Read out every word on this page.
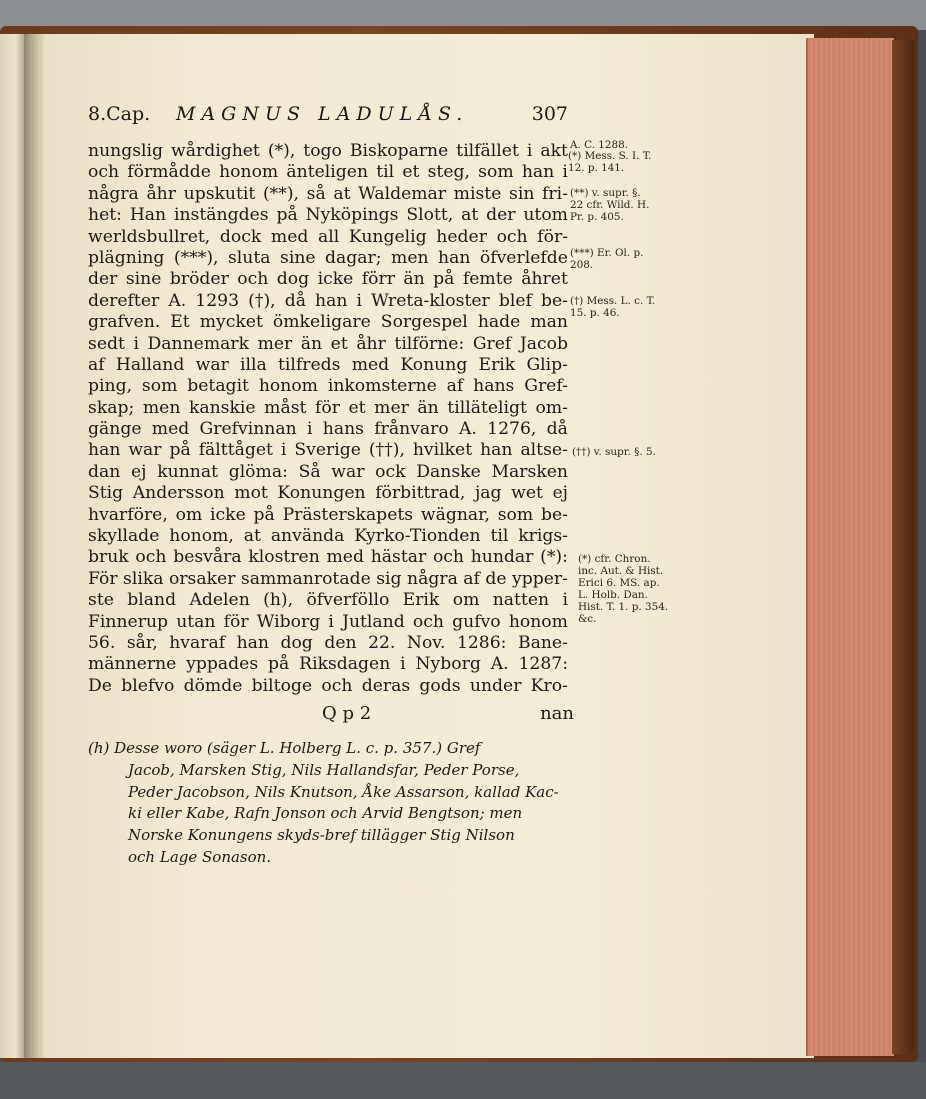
8.Cap. MAGNUS LADULÅS.	307
nungslig wårdighet (*), togo Biskoparne tilfället i akt
och förmådde honom änteligen til et steg, som han i
några åhr upskutit (**), så at Waldemar miste sin fri-
het: Han instängdes på Nyköpings Slott, at der utom
werldsbullret, dock med all Kungelig heder och för-
plägning (***), sluta sine dagar; men han öfverlefde
der sine bröder och dog icke förr än på femte åhret
derefter A. 1293 (†), då han i Wreta-kloster blef be-
grafven. Et mycket ömkeligare Sorgespel hade man
sedt i Dannemark mer än et åhr tilförne: Gref Jacob
af Halland war illa tilfreds med Konung Erik Glip-
ping, som betagit honom inkomsterne af hans Gref-
skap; men kanskie måst för et mer än tilläteligt om-
gänge med Grefvinnan i hans frånvaro A. 1276, då
han war på fälttåget i Sverige (††), hvilket han altse-
dan ej kunnat glöma: Så war ock Danske Marsken
Stig Andersson mot Konungen förbittrad, jag wet ej
hvarföre, om icke på Prästerskapets wägnar, som be-
skyllade honom, at använda Kyrko-Tionden til krigs-
bruk och besvåra klostren med hästar och hundar (*):
För slika orsaker sammanrotade sig några af de ypper-
ste bland Adelen (h), öfverföllo Erik om natten i
Finnerup utan för Wiborg i Jutland och gufvo honom
56. sår, hvaraf han dog den 22. Nov. 1286: Bane-
männerne yppades på Riksdagen i Nyborg A. 1287:
De blefvo dömde biltoge och deras gods under Kro-
Q p 2	nan
(h) Desse woro (säger L. Holberg L. c. p. 357.) Gref
Jacob, Marsken Stig, Nils Hallandsfar, Peder Porse,
Peder Jacobson, Nils Knutson, Åke Assarson, kallad Kac-
ki eller Kabe, Rafn Jonson och Arvid Bengtson; men
Norske Konungens skyds-bref tillägger Stig Nilson
och Lage Sonason.
A. C. 1288.
(*) Mess. S. I. T.
12. p. 141.
(**) v. supr. §.
22 cfr. Wild. H.
Pr. p. 405.
(***) Er. Ol. p.
208.
(†) Mess. L. c. T.
15. p. 46.
(††) v. supr. §. 5.
(*) cfr. Chron.
inc. Aut. & Hist.
Erici 6. MS. ap.
L. Holb. Dan.
Hist. T. 1. p. 354.
&c.
